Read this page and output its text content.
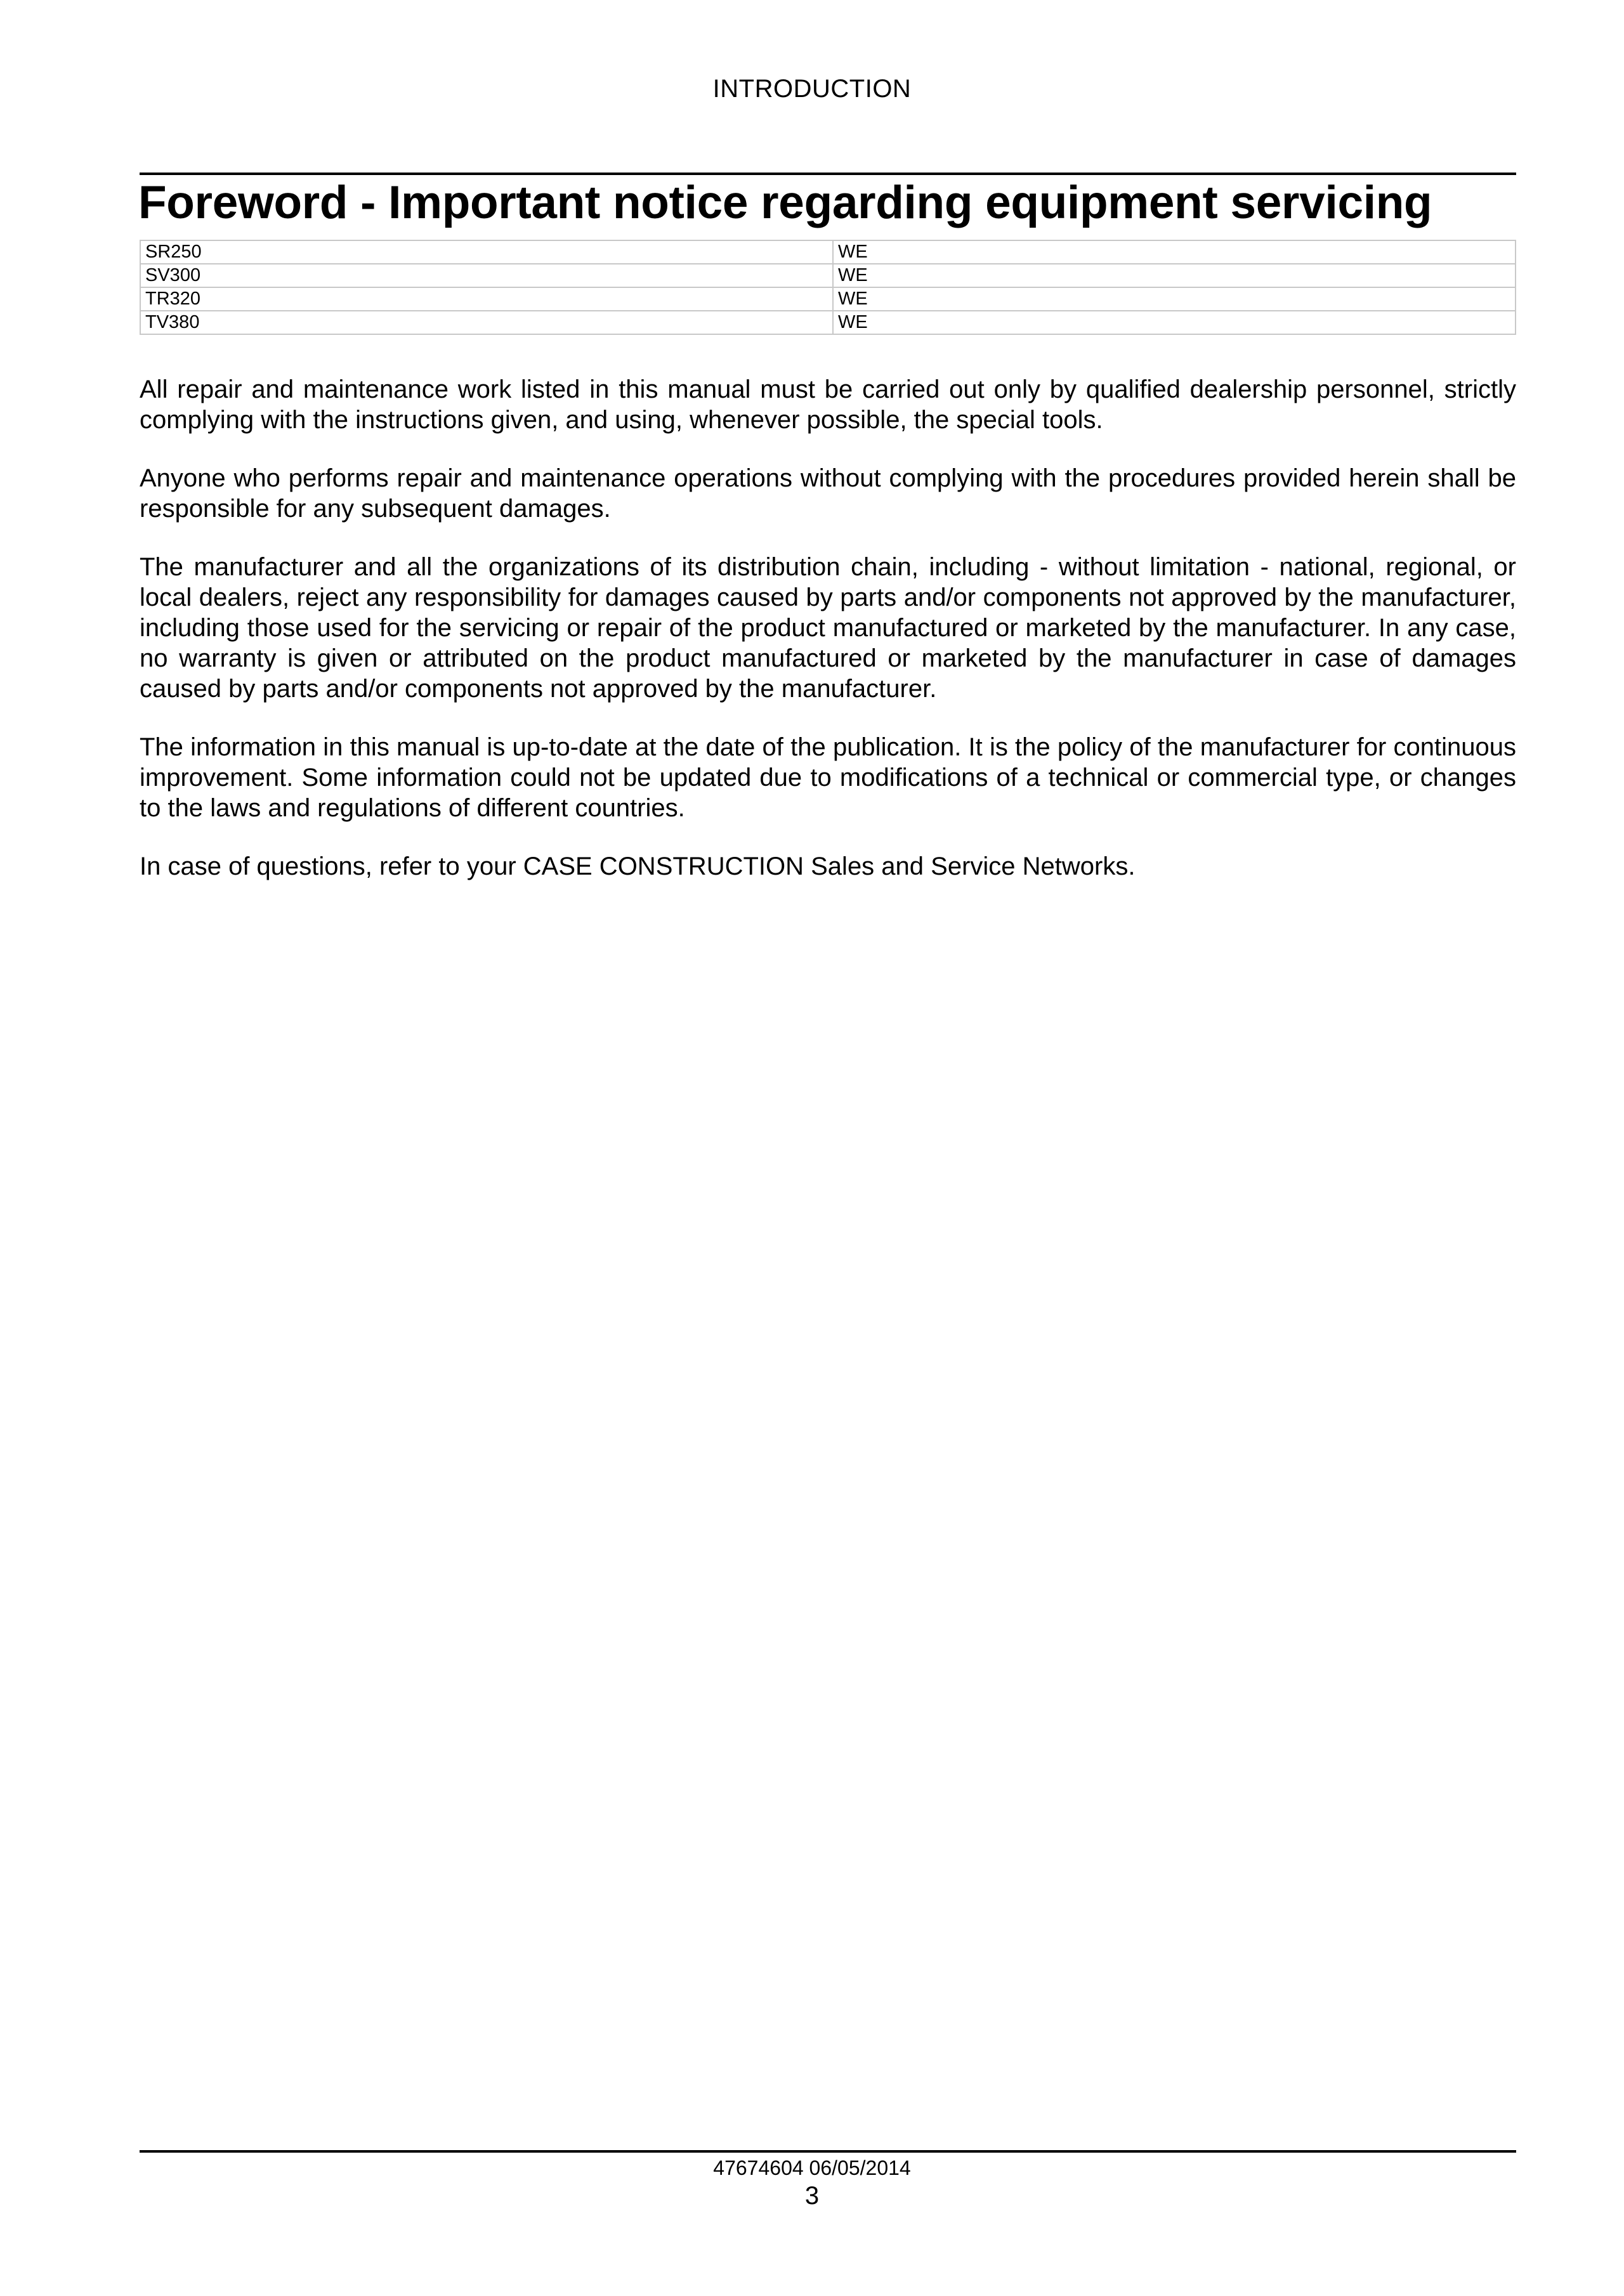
INTRODUCTION
Foreword - Important notice regarding equipment servicing
SR250	WE
SV300	WE
TR320	WE
TV380	WE

All repair and maintenance work listed in this manual must be carried out only by qualified dealership personnel, strictly complying with the instructions given, and using, whenever possible, the special tools.

Anyone who performs repair and maintenance operations without complying with the procedures provided herein shall be responsible for any subsequent damages.

The manufacturer and all the organizations of its distribution chain, including - without limitation - national, regional, or local dealers, reject any responsibility for damages caused by parts and/or components not approved by the manufacturer, including those used for the servicing or repair of the product manufactured or marketed by the manufacturer. In any case, no warranty is given or attributed on the product manufactured or marketed by the manufacturer in case of damages caused by parts and/or components not approved by the manufacturer.

The information in this manual is up-to-date at the date of the publication. It is the policy of the manufacturer for continuous improvement. Some information could not be updated due to modifications of a technical or commercial type, or changes to the laws and regulations of different countries.

In case of questions, refer to your CASE CONSTRUCTION Sales and Service Networks.

47674604 06/05/2014
3
